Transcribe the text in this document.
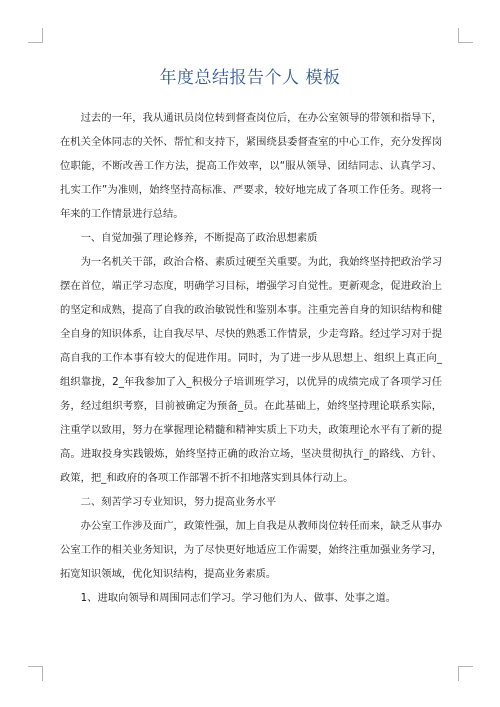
年度总结报告个人 模板

过去的一年，我从通讯员岗位转到督查岗位后，在办公室领导的带领和指导下，在机关全体同志的关怀、帮忙和支持下，紧围绕县委督查室的中心工作，充分发挥岗位职能，不断改善工作方法，提高工作效率，以“服从领导、团结同志、认真学习、扎实工作”为准则，始终坚持高标准、严要求，较好地完成了各项工作任务。现将一年来的工作情景进行总结。

一、自觉加强了理论修养，不断提高了政治思想素质

为一名机关干部，政治合格、素质过硬至关重要。为此，我始终坚持把政治学习摆在首位，端正学习态度，明确学习目标，增强学习自觉性。更新观念，促进政治上的坚定和成熟，提高了自我的政治敏锐性和鉴别本事。注重完善自身的知识结构和健全自身的知识体系，让自我尽早、尽快的熟悉工作情景，少走弯路。经过学习对于提高自我的工作本事有较大的促进作用。同时，为了进一步从思想上、组织上真正向_组织靠拢，2_年我参加了入_积极分子培训班学习，以优异的成绩完成了各项学习任务，经过组织考察，目前被确定为预备_员。在此基础上，始终坚持理论联系实际，注重学以致用，努力在掌握理论精髓和精神实质上下功夫，政策理论水平有了新的提高。进取投身实践锻炼，始终坚持正确的政治立场，坚决贯彻执行_的路线、方针、政策，把_和政府的各项工作部署不折不扣地落实到具体行动上。

二、刻苦学习专业知识，努力提高业务水平

办公室工作涉及面广，政策性强，加上自我是从教师岗位转任而来，缺乏从事办公室工作的相关业务知识，为了尽快更好地适应工作需要，始终注重加强业务学习，拓宽知识领域，优化知识结构，提高业务素质。

1、进取向领导和周围同志们学习。学习他们为人、做事、处事之道。
